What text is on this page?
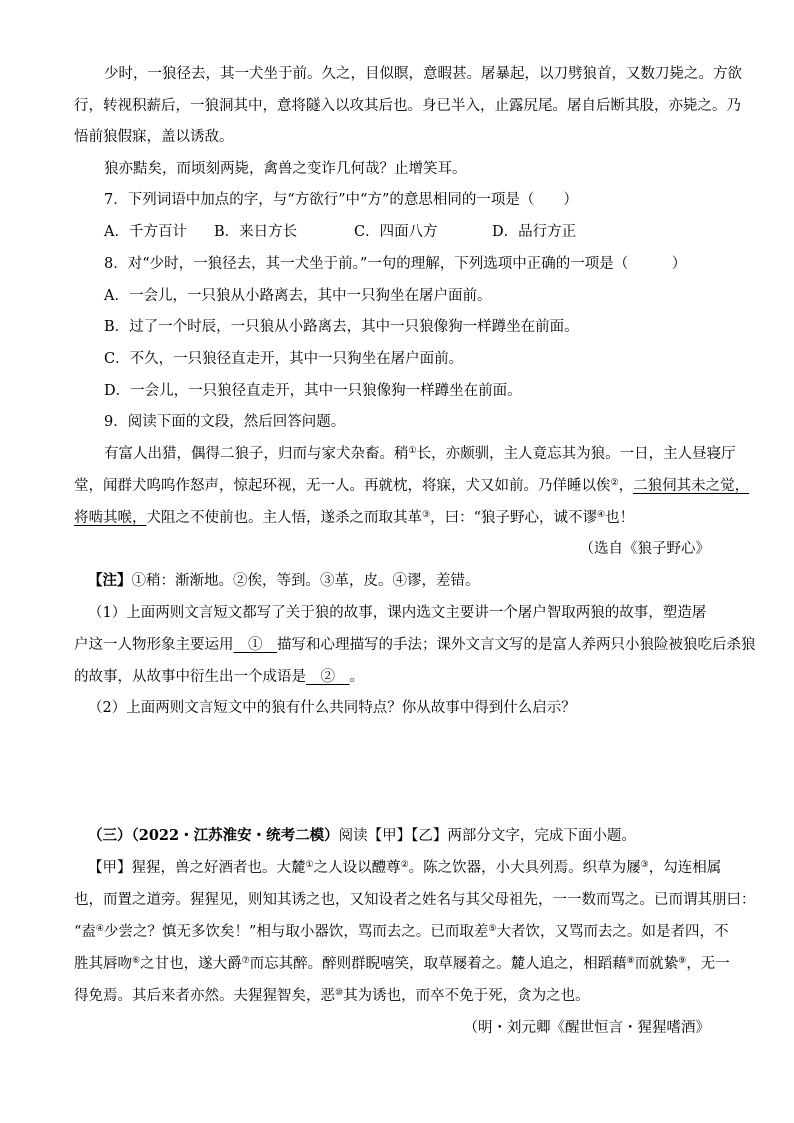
少时，一狼径去，其一犬坐于前。久之，目似瞑，意暇甚。屠暴起，以刀劈狼首，又数刀毙之。方欲
行，转视积薪后，一狼洞其中，意将隧入以攻其后也。身已半入，止露尻尾。屠自后断其股，亦毙之。乃
悟前狼假寐，盖以诱敌。
狼亦黠矣，而顷刻两毙，禽兽之变诈几何哉？止增笑耳。
7．下列词语中加点的字，与“方欲行”中“方”的意思相同的一项是（　　）
A．千方百计 B．来日方长	C．四面八方	D．品行方正
8．对“少时，一狼径去，其一犬坐于前。”一句的理解，下列选项中正确的一项是（　　　）
A．一会儿，一只狼从小路离去，其中一只狗坐在屠户面前。
B．过了一个时辰，一只狼从小路离去，其中一只狼像狗一样蹲坐在前面。
C．不久，一只狼径直走开，其中一只狗坐在屠户面前。
D．一会儿，一只狼径直走开，其中一只狼像狗一样蹲坐在前面。
9．阅读下面的文段，然后回答问题。
有富人出猎，偶得二狼子，归而与家犬杂畜。稍①长，亦颇驯，主人竟忘其为狼。一日，主人昼寝厅
堂，闻群犬呜呜作怒声，惊起环视，无一人。再就枕，将寐，犬又如前。乃佯睡以俟②，二狼伺其未之觉，
将啮其喉，犬阻之不使前也。主人悟，遂杀之而取其革③，曰：“狼子野心，诚不谬④也！
（选自《狼子野心》
【注】①稍：渐渐地。②俟，等到。③革，皮。④谬，差错。
（1）上面两则文言短文都写了关于狼的故事，课内选文主要讲一个屠户智取两狼的故事，塑造屠
户这一人物形象主要运用　①　描写和心理描写的手法；课外文言文写的是富人养两只小狼险被狼吃后杀狼
的故事，从故事中衍生出一个成语是　②　。
（2）上面两则文言短文中的狼有什么共同特点？你从故事中得到什么启示？
（三）（2022・江苏淮安・统考二模）阅读【甲】【乙】两部分文字，完成下面小题。
【甲】猩猩，兽之好酒者也。大麓①之人设以醴尊②。陈之饮器，小大具列焉。织草为屦③，勾连相属
也，而置之道旁。猩猩见，则知其诱之也，又知设者之姓名与其父母祖先，一一数而骂之。已而谓其朋曰：
“盍④少尝之？慎无多饮矣！”相与取小器饮，骂而去之。已而取差⑤大者饮，又骂而去之。如是者四，不
胜其唇吻⑥之甘也，遂大爵⑦而忘其醉。醉则群睨嘻笑，取草屦着之。麓人追之，相蹈藉⑧而就絷⑨，无一
得免焉。其后来者亦然。夫猩猩智矣，恶⑩其为诱也，而卒不免于死，贪为之也。
（明・刘元卿《醒世恒言・猩猩嗜酒》
